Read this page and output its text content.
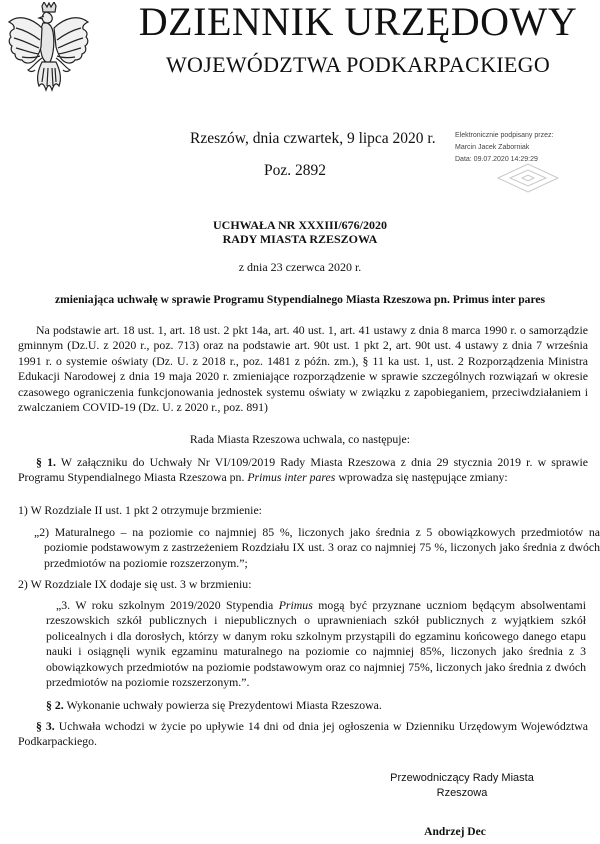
DZIENNIK URZĘDOWY
WOJEWÓDZTWA PODKARPACKIEGO
Rzeszów, dnia czwartek, 9 lipca 2020 r.
Poz. 2892
Elektronicznie podpisany przez:
Marcin Jacek Zaborniak
Data: 09.07.2020 14:29:29
UCHWAŁA NR XXXIII/676/2020
RADY MIASTA RZESZOWA
z dnia 23 czerwca 2020 r.
zmieniająca uchwałę w sprawie Programu Stypendialnego Miasta Rzeszowa pn. Primus inter pares
Na podstawie art. 18 ust. 1, art. 18 ust. 2 pkt 14a, art. 40 ust. 1, art. 41 ustawy z dnia 8 marca 1990 r. o samorządzie gminnym (Dz.U. z 2020 r., poz. 713) oraz na podstawie art. 90t ust. 1 pkt 2, art. 90t ust. 4 ustawy z dnia 7 września 1991 r. o systemie oświaty (Dz. U. z 2018 r., poz. 1481 z późn. zm.), § 11 ka ust. 1, ust. 2 Rozporządzenia Ministra Edukacji Narodowej z dnia 19 maja 2020 r. zmieniające rozporządzenie w sprawie szczególnych rozwiązań w okresie czasowego ograniczenia funkcjonowania jednostek systemu oświaty w związku z zapobieganiem, przeciwdziałaniem i zwalczaniem COVID-19 (Dz. U. z 2020 r., poz. 891)
Rada Miasta Rzeszowa uchwala, co następuje:
§ 1. W załączniku do Uchwały Nr VI/109/2019 Rady Miasta Rzeszowa z dnia 29 stycznia 2019 r. w sprawie Programu Stypendialnego Miasta Rzeszowa pn. Primus inter pares wprowadza się następujące zmiany:
1) W Rozdziale II ust. 1 pkt 2 otrzymuje brzmienie:
„2) Maturalnego – na poziomie co najmniej 85 %, liczonych jako średnia z 5 obowiązkowych przedmiotów na poziomie podstawowym z zastrzeżeniem Rozdziału IX ust. 3 oraz co najmniej 75 %, liczonych jako średnia z dwóch przedmiotów na poziomie rozszerzonym.”;
2) W Rozdziale IX dodaje się ust. 3 w brzmieniu:
„3. W roku szkolnym 2019/2020 Stypendia Primus mogą być przyznane uczniom będącym absolwentami rzeszowskich szkół publicznych i niepublicznych o uprawnieniach szkół publicznych z wyjątkiem szkół policealnych i dla dorosłych, którzy w danym roku szkolnym przystąpili do egzaminu końcowego danego etapu nauki i osiągnęli wynik egzaminu maturalnego na poziomie co najmniej 85%, liczonych jako średnia z 3 obowiązkowych przedmiotów na poziomie podstawowym oraz co najmniej 75%, liczonych jako średnia z dwóch przedmiotów na poziomie rozszerzonym.”.
§ 2. Wykonanie uchwały powierza się Prezydentowi Miasta Rzeszowa.
§ 3. Uchwała wchodzi w życie po upływie 14 dni od dnia jej ogłoszenia w Dzienniku Urzędowym Województwa Podkarpackiego.
Przewodniczący Rady Miasta
Rzeszowa
Andrzej Dec
